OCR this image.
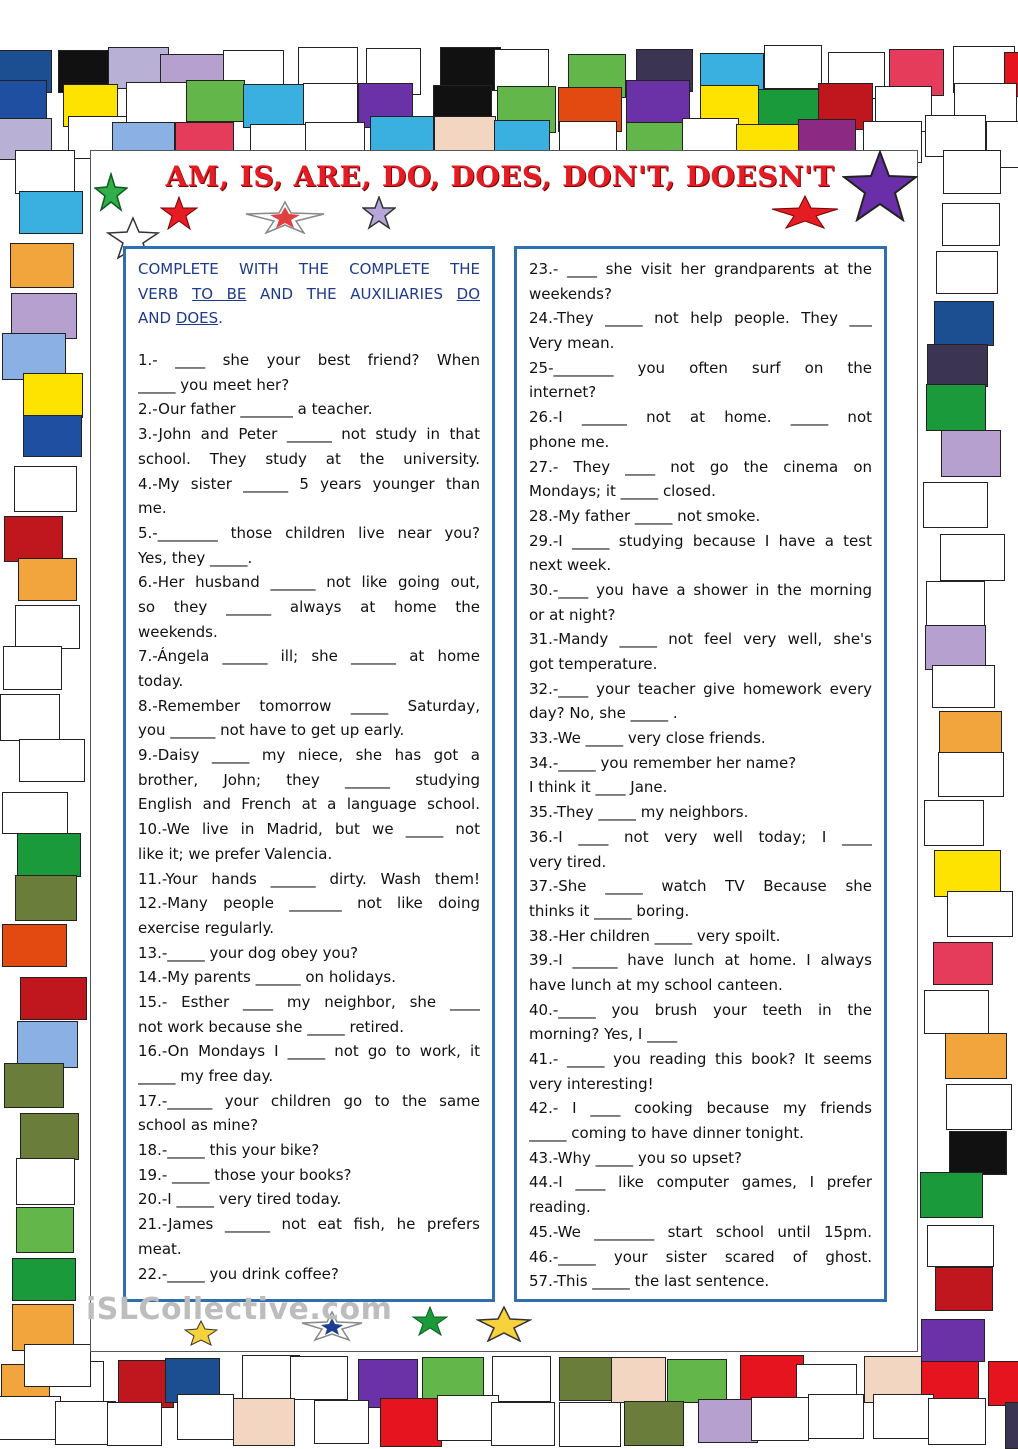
AM, IS, ARE, DO, DOES, DON'T, DOESN'T
COMPLETE WITH THE COMPLETE THE
VERB TO BE AND THE AUXILIARIES DO
AND DOES.
1.- ____ she your best friend? When
_____ you meet her?
2.-Our father _______ a teacher.
3.-John and Peter ______ not study in that
school. They study at the university.
4.-My sister ______ 5 years younger than
me.
5.-________ those children live near you?
Yes, they _____.
6.-Her husband ______ not like going out,
so they ______ always at home the
weekends.
7.-Ángela ______ ill; she ______ at home
today.
8.-Remember tomorrow _____ Saturday,
you ______ not have to get up early.
9.-Daisy _____ my niece, she has got a
brother, John; they ______ studying
English and French at a language school.
10.-We live in Madrid, but we _____ not
like it; we prefer Valencia.
11.-Your hands ______ dirty. Wash them!
12.-Many people _______ not like doing
exercise regularly.
13.-_____ your dog obey you?
14.-My parents ______ on holidays.
15.- Esther ____ my neighbor, she ____
not work because she _____ retired.
16.-On Mondays I _____ not go to work, it
_____ my free day.
17.-______ your children go to the same
school as mine?
18.-_____ this your bike?
19.- _____ those your books?
20.-I _____ very tired today.
21.-James ______ not eat fish, he prefers
meat.
22.-_____ you drink coffee?
23.- ____ she visit her grandparents at the
weekends?
24.-They _____ not help people. They ___
Very mean.
25-________ you often surf on the
internet?
26.-I ______ not at home. _____ not
phone me.
27.- They ____ not go the cinema on
Mondays; it _____ closed.
28.-My father _____ not smoke.
29.-I _____ studying because I have a test
next week.
30.-____ you have a shower in the morning
or at night?
31.-Mandy _____ not feel very well, she's
got temperature.
32.-____ your teacher give homework every
day? No, she _____ .
33.-We _____ very close friends.
34.-_____ you remember her name?
I think it ____ Jane.
35.-They _____ my neighbors.
36.-I ____ not very well today; I ____
very tired.
37.-She _____ watch TV Because she
thinks it _____ boring.
38.-Her children _____ very spoilt.
39.-I ______ have lunch at home. I always
have lunch at my school canteen.
40.-_____ you brush your teeth in the
morning? Yes, I ____
41.- _____ you reading this book? It seems
very interesting!
42.- I ____ cooking because my friends
_____ coming to have dinner tonight.
43.-Why _____ you so upset?
44.-I ____ like computer games, I prefer
reading.
45.-We ________ start school until 15pm.
46.-_____ your sister scared of ghost.
57.-This _____ the last sentence.
iSLCollective.com
